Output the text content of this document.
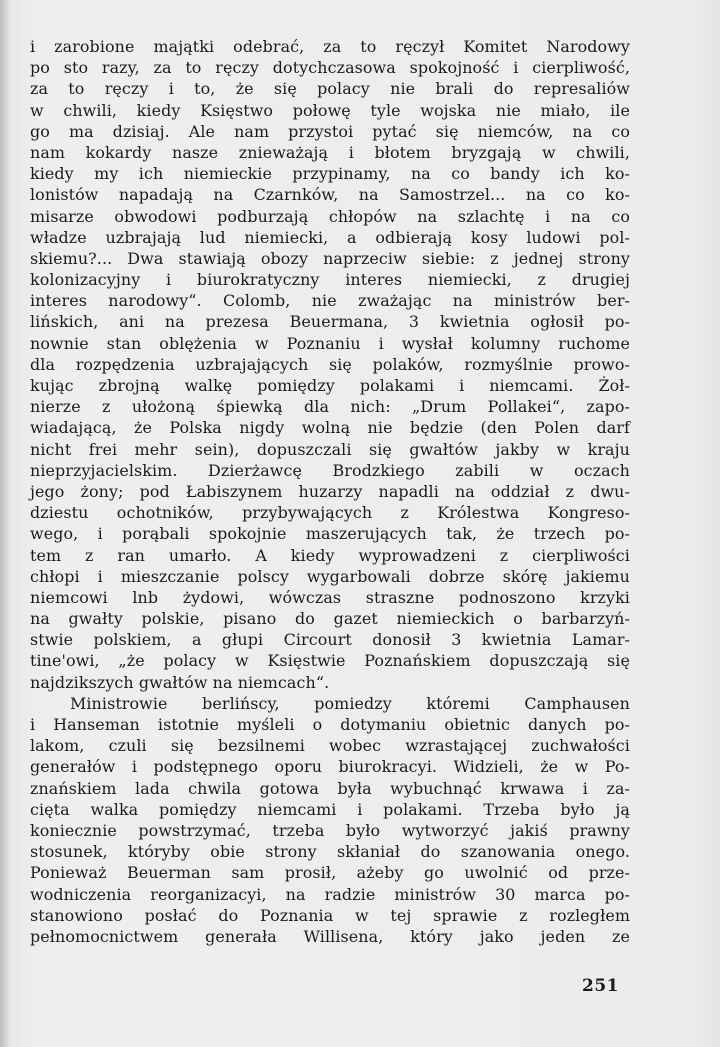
i zarobione majątki odebrać, za to ręczył Komitet Narodowy
po sto razy, za to ręczy dotychczasowa spokojność i cierpliwość,
za to ręczy i to, że się polacy nie brali do represaliów
w chwili, kiedy Księstwo połowę tyle wojska nie miało, ile
go ma dzisiaj. Ale nam przystoi pytać się niemców, na co
nam kokardy nasze znieważają i błotem bryzgają w chwili,
kiedy my ich niemieckie przypinamy, na co bandy ich ko-
lonistów napadają na Czarnków, na Samostrzel... na co ko-
misarze obwodowi podburzają chłopów na szlachtę i na co
władze uzbrajają lud niemiecki, a odbierają kosy ludowi pol-
skiemu?... Dwa stawiają obozy naprzeciw siebie: z jednej strony
kolonizacyjny i biurokratyczny interes niemiecki, z drugiej
interes narodowy“. Colomb, nie zważając na ministrów ber-
lińskich, ani na prezesa Beuermana, 3 kwietnia ogłosił po-
nownie stan oblężenia w Poznaniu i wysłał kolumny ruchome
dla rozpędzenia uzbrajających się polaków, rozmyślnie prowo-
kując zbrojną walkę pomiędzy polakami i niemcami. Żoł-
nierze z ułożoną śpiewką dla nich: „Drum Pollakei“, zapo-
wiadającą, że Polska nigdy wolną nie będzie (den Polen darf
nicht frei mehr sein), dopuszczali się gwałtów jakby w kraju
nieprzyjacielskim. Dzierżawcę Brodzkiego zabili w oczach
jego żony; pod Łabiszynem huzarzy napadli na oddział z dwu-
dziestu ochotników, przybywających z Królestwa Kongreso-
wego, i porąbali spokojnie maszerujących tak, że trzech po-
tem z ran umarło. A kiedy wyprowadzeni z cierpliwości
chłopi i mieszczanie polscy wygarbowali dobrze skórę jakiemu
niemcowi lnb żydowi, wówczas straszne podnoszono krzyki
na gwałty polskie, pisano do gazet niemieckich o barbarzyń-
stwie polskiem, a głupi Circourt donosił 3 kwietnia Lamar-
tine'owi, „że polacy w Księstwie Poznańskiem dopuszczają się
najdzikszych gwałtów na niemcach“.
Ministrowie berlińscy, pomiedzy któremi Camphausen
i Hanseman istotnie myśleli o dotymaniu obietnic danych po-
lakom, czuli się bezsilnemi wobec wzrastającej zuchwałości
generałów i podstępnego oporu biurokracyi. Widzieli, że w Po-
znańskiem lada chwila gotowa była wybuchnąć krwawa i za-
cięta walka pomiędzy niemcami i polakami. Trzeba było ją
koniecznie powstrzymać, trzeba było wytworzyć jakiś prawny
stosunek, któryby obie strony skłaniał do szanowania onego.
Ponieważ Beuerman sam prosił, ażeby go uwolnić od prze-
wodniczenia reorganizacyi, na radzie ministrów 30 marca po-
stanowiono posłać do Poznania w tej sprawie z rozległem
pełnomocnictwem generała Willisena, który jako jeden ze
251
